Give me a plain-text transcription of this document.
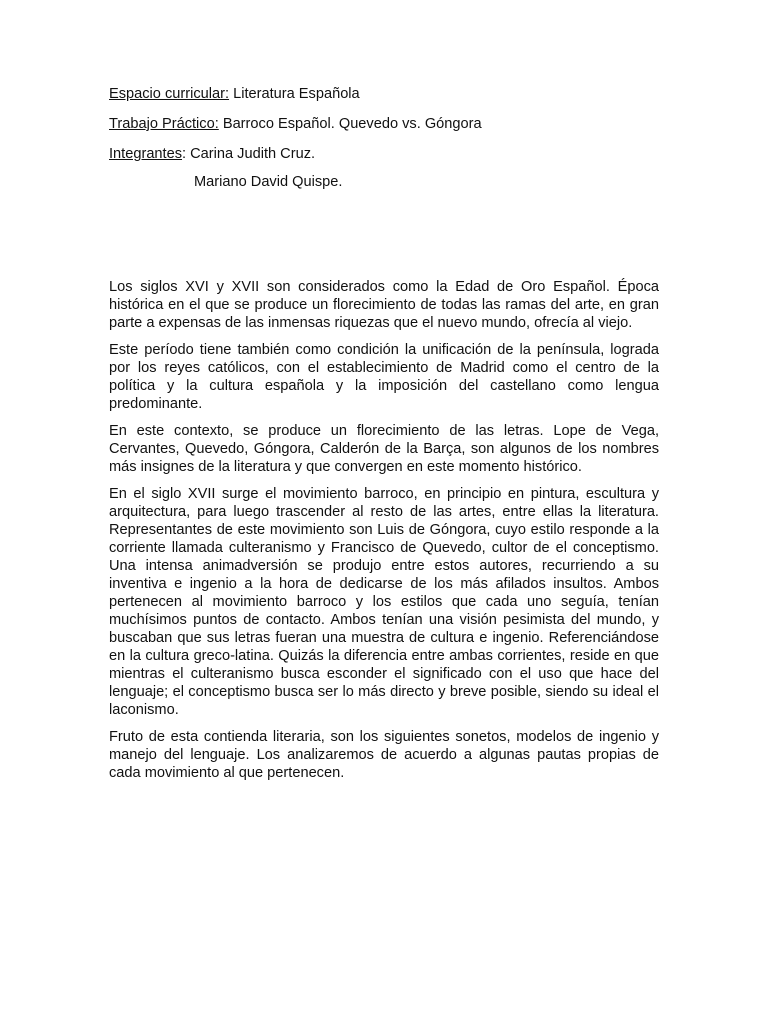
Espacio curricular: Literatura Española
Trabajo Práctico: Barroco Español. Quevedo vs. Góngora
Integrantes: Carina Judith Cruz.
Mariano David Quispe.

Los siglos XVI y XVII son considerados como la Edad de Oro Español. Época histórica en el que se produce un florecimiento de todas las ramas del arte, en gran parte a expensas de las inmensas riquezas que el nuevo mundo, ofrecía al viejo.

Este período tiene también como condición la unificación de la península, lograda por los reyes católicos, con el establecimiento de Madrid como el centro de la política y la cultura española y la imposición del castellano como lengua predominante.

En este contexto, se produce un florecimiento de las letras. Lope de Vega, Cervantes, Quevedo, Góngora, Calderón de la Barça, son algunos de los nombres más insignes de la literatura y que convergen en este momento histórico.

En el siglo XVII surge el movimiento barroco, en principio en pintura, escultura y arquitectura, para luego trascender al resto de las artes, entre ellas la literatura. Representantes de este movimiento son Luis de Góngora, cuyo estilo responde a la corriente llamada culteranismo y Francisco de Quevedo, cultor de el conceptismo. Una intensa animadversión se produjo entre estos autores, recurriendo a su inventiva e ingenio a la hora de dedicarse de los más afilados insultos. Ambos pertenecen al movimiento barroco y los estilos que cada uno seguía, tenían muchísimos puntos de contacto. Ambos tenían una visión pesimista del mundo, y buscaban que sus letras fueran una muestra de cultura e ingenio. Referenciándose en la cultura greco-latina. Quizás la diferencia entre ambas corrientes, reside en que mientras el culteranismo busca esconder el significado con el uso que hace del lenguaje; el conceptismo busca ser lo más directo y breve posible, siendo su ideal el laconismo.

Fruto de esta contienda literaria, son los siguientes sonetos, modelos de ingenio y manejo del lenguaje. Los analizaremos de acuerdo a algunas pautas propias de cada movimiento al que pertenecen.
